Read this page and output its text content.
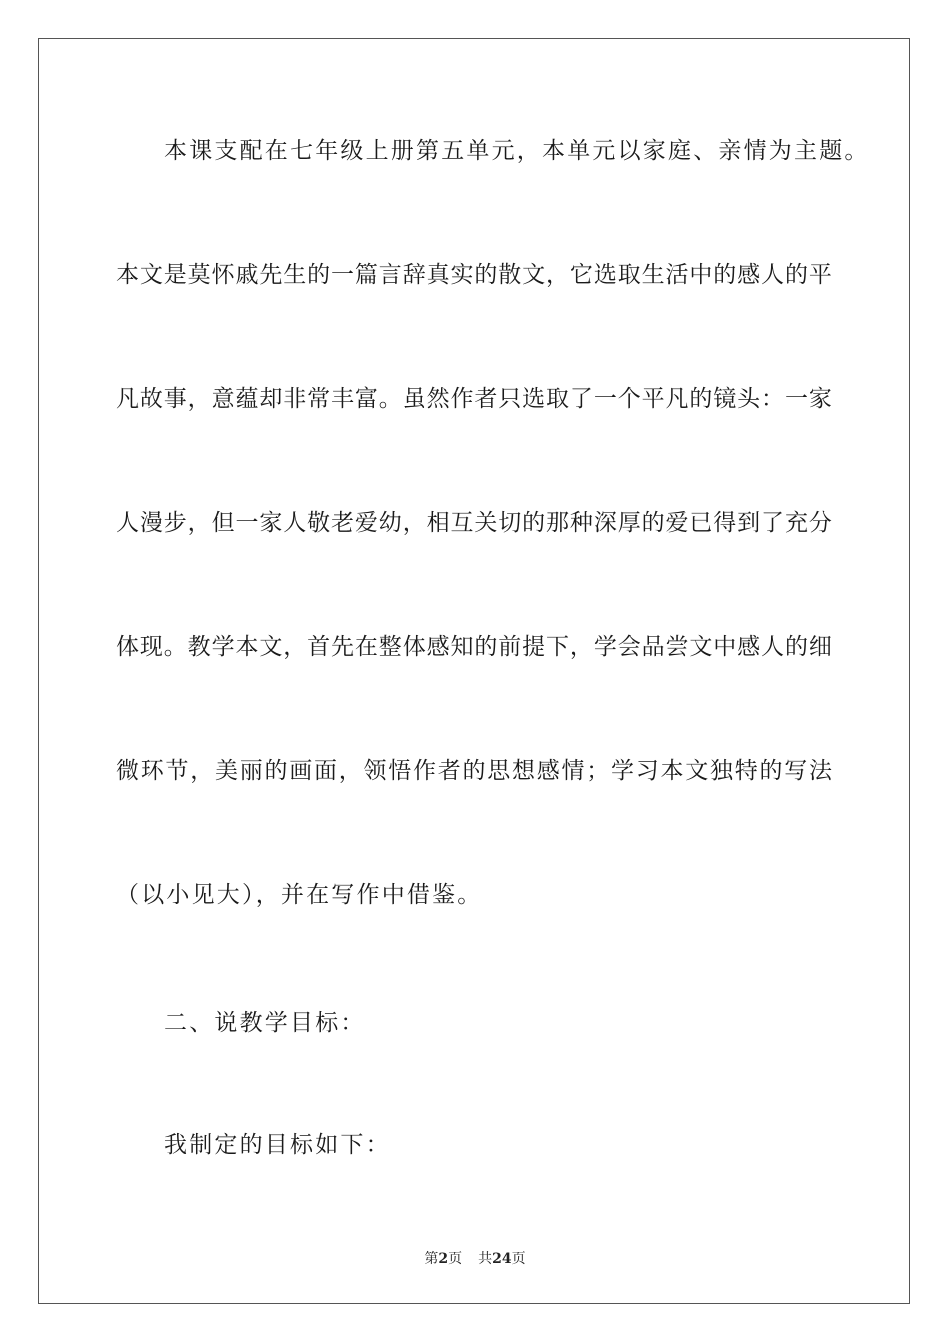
本课支配在七年级上册第五单元，本单元以家庭、亲情为主题。
本 文 是 莫 怀 戚 先 生 的 一 篇 言 辞 真 实 的 散 文 ， 它 选 取 生 活 中 的 感 人 的 平
凡 故 事 ， 意 蕴 却 非 常 丰 富 。 虽 然 作 者 只 选 取 了 一 个 平 凡 的 镜 头 ： 一 家
人 漫 步 ， 但 一 家 人 敬 老 爱 幼 ， 相 互 关 切 的 那 种 深 厚 的 爱 已 得 到 了 充 分
体 现 。 教 学 本 文 ， 首 先 在 整 体 感 知 的 前 提 下 ， 学 会 品 尝 文 中 感 人 的 细
微 环 节 ， 美 丽 的 画 面 ， 领 悟 作 者 的 思 想 感 情 ； 学 习 本 文 独 特 的 写 法
（以小见大），并在写作中借鉴。
二、说教学目标：
我制定的目标如下：
第2页 共24页
